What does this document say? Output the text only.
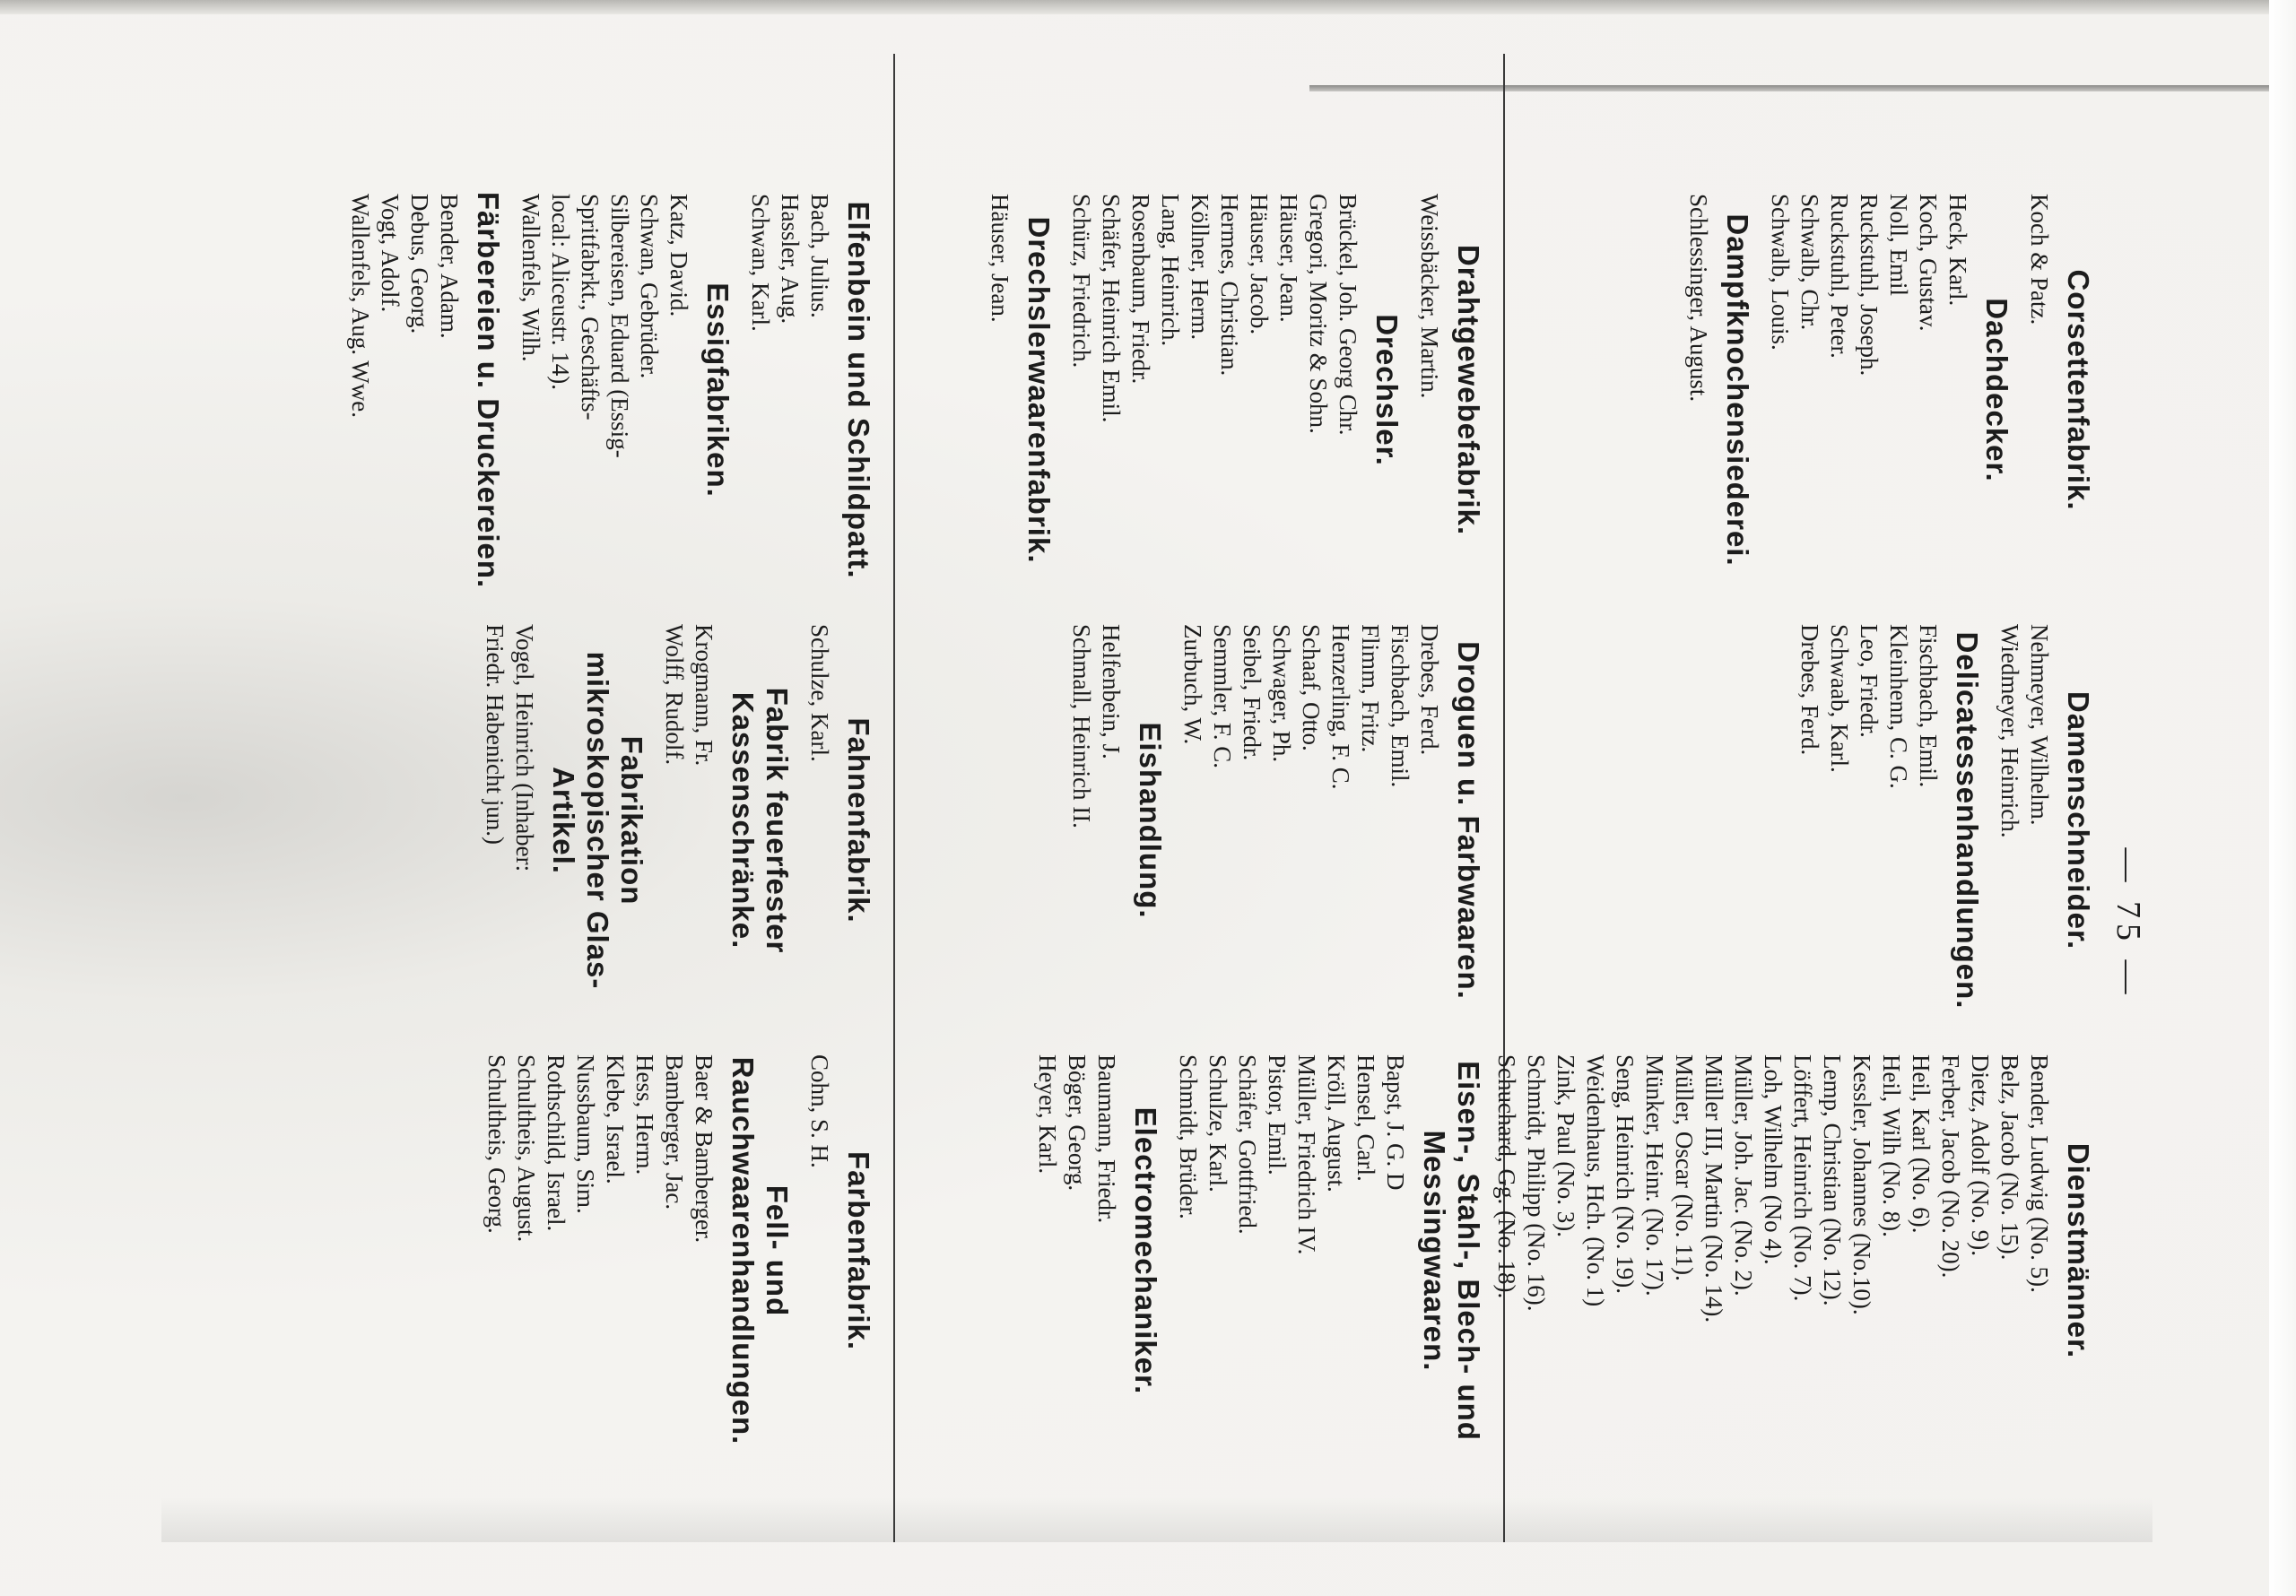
— 75 —
Corsettenfabrik.
Koch & Patz.
Dachdecker.
Heck, Karl.
Koch, Gustav.
Noll, Emil
Ruckstuhl, Joseph.
Ruckstuhl, Peter.
Schwalb, Chr.
Schwalb, Louis.
Dampfknochensiederei.
Schlessinger, August.
Damenschneider.
Nehmeyer, Wilhelm.
Wiedmeyer, Heinrich.
Delicatessenhandlungen.
Fischbach, Emil.
Kleinhenn, C. G.
Leo, Friedr.
Schwaab, Karl.
Drebes, Ferd.
Dienstmänner.
Bender, Ludwig (No. 5).
Belz, Jacob (No. 15).
Dietz, Adolf (No. 9).
Ferber, Jacob (No. 20).
Heil, Karl (No. 6).
Heil, Wilh (No. 8).
Kessler, Johannes (No.10).
Lemp, Christian (No. 12).
Löffert, Heinrich (No. 7).
Loh, Wilhelm (No 4).
Müller, Joh. Jac. (No. 2).
Müller III, Martin (No. 14).
Müller, Oscar (No. 11).
Münker, Heinr. (No. 17).
Seng, Heinrich (No. 19).
Weidenhaus, Hch. (No. 1)
Zink, Paul (No. 3).
Schmidt, Philipp (No. 16).
Schuchard, Gg. (No. 18).
Drahtgewebefabrik.
Weissbäcker, Martin.
Drechsler.
Brückel, Joh. Georg Chr.
Gregori, Moritz & Sohn.
Häuser, Jean.
Häuser, Jacob.
Hermes, Christian.
Köllner, Herm.
Lang, Heinrich.
Rosenbaum, Friedr.
Schäfer, Heinrich Emil.
Schürz, Friedrich.
Drechslerwaarenfabrik.
Häuser, Jean.
Droguen u. Farbwaaren.
Drebes, Ferd.
Fischbach, Emil.
Flimm, Fritz.
Henzerling, F. C.
Schaaf, Otto.
Schwager, Ph.
Seibel, Friedr.
Semmler, F. C.
Zurbuch, W.
Eishandlung.
Helfenbein, J.
Schmall, Heinrich II.
Eisen-, Stahl-, Blech- und Messingwaaren.
Bapst, J. G. D
Hensel, Carl.
Kröll, August.
Müller, Friedrich IV.
Pistor, Emil.
Schäfer, Gottfried.
Schulze, Karl.
Schmidt, Brüder.
Electromechaniker.
Baumann, Friedr.
Böger, Georg.
Heyer, Karl.
Elfenbein und Schildpatt.
Bach, Julius.
Hassler, Aug.
Schwan, Karl.
Essigfabriken.
Katz, David.
Schwan, Gebrüder.
Silbereisen, Eduard (Essig-
Spritfabrkt., Geschäfts-
local: Aliceustr. 14).
Wallenfels, Wilh.
Färbereien u. Druckereien.
Bender, Adam.
Debus, Georg.
Vogt, Adolf.
Wallenfels, Aug. Wwe.
Fahnenfabrik.
Schulze, Karl.
Fabrik feuerfester Kassenschränke.
Krogmann, Fr.
Wolff, Rudolf.
Fabrikation mikroskopischer Glas-Artikel.
Vogel, Heinrich (Inhaber:
Friedr. Habenicht jun.)
Farbenfabrik.
Cohn, S. H.
Fell- und Rauchwaarenhandlungen.
Baer & Bamberger.
Bamberger, Jac.
Hess, Herm.
Klebe, Israel.
Nussbaum, Sim.
Rothschild, Israel.
Schultheis, August.
Schultheis, Georg.
